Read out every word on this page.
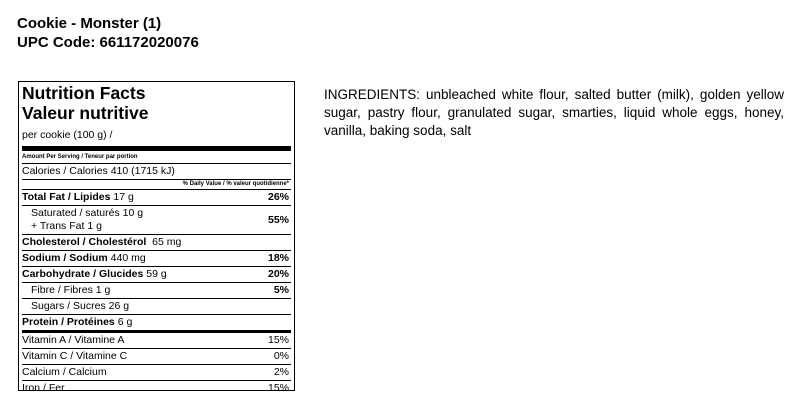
Cookie - Monster (1)
UPC Code: 661172020076
Nutrition Facts
Valeur nutritive
per cookie (100 g) /
Amount Per Serving / Teneur par portion
Calories / Calories 410 (1715 kJ)
% Daily Value / % valeur quotidienne*
Total Fat / Lipides 17 g	26%
Saturated / saturés 10 g
+ Trans Fat 1 g	55%
Cholesterol / Cholestérol 65 mg
Sodium / Sodium 440 mg	18%
Carbohydrate / Glucides 59 g	20%
Fibre / Fibres 1 g	5%
Sugars / Sucres 26 g
Protein / Protéines 6 g
Vitamin A / Vitamine A	15%
Vitamin C / Vitamine C	0%
Calcium / Calcium	2%
Iron / Fer	15%
INGREDIENTS: unbleached white flour, salted butter (milk), golden yellow sugar, pastry flour, granulated sugar, smarties, liquid whole eggs, honey, vanilla, baking soda, salt
